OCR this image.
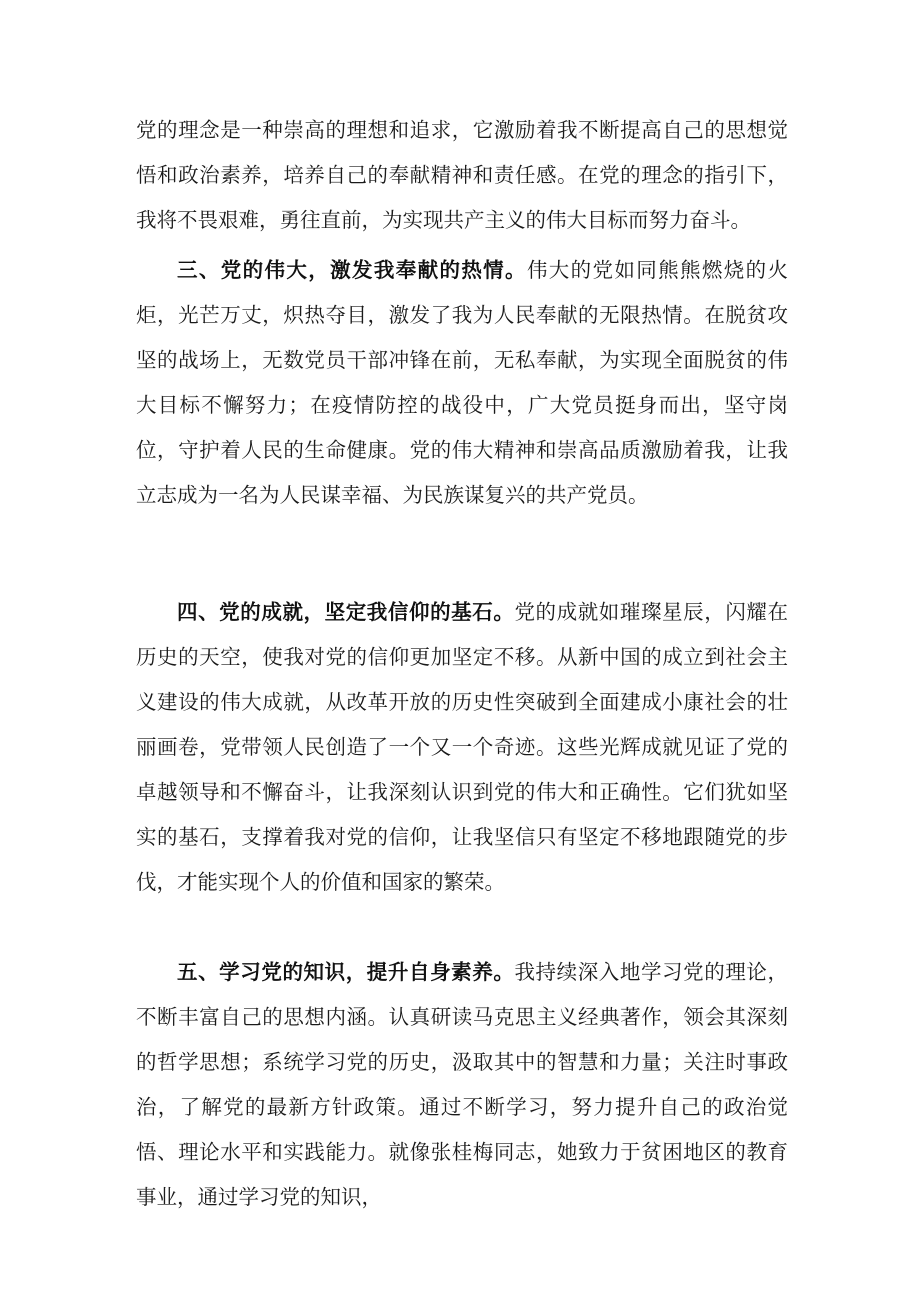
党的理念是一种崇高的理想和追求，它激励着我不断提高自己的思想觉悟和政治素养，培养自己的奉献精神和责任感。在党的理念的指引下，我将不畏艰难，勇往直前，为实现共产主义的伟大目标而努力奋斗。

三、党的伟大，激发我奉献的热情。伟大的党如同熊熊燃烧的火炬，光芒万丈，炽热夺目，激发了我为人民奉献的无限热情。在脱贫攻坚的战场上，无数党员干部冲锋在前，无私奉献，为实现全面脱贫的伟大目标不懈努力；在疫情防控的战役中，广大党员挺身而出，坚守岗位，守护着人民的生命健康。党的伟大精神和崇高品质激励着我，让我立志成为一名为人民谋幸福、为民族谋复兴的共产党员。

四、党的成就，坚定我信仰的基石。党的成就如璀璨星辰，闪耀在历史的天空，使我对党的信仰更加坚定不移。从新中国的成立到社会主义建设的伟大成就，从改革开放的历史性突破到全面建成小康社会的壮丽画卷，党带领人民创造了一个又一个奇迹。这些光辉成就见证了党的卓越领导和不懈奋斗，让我深刻认识到党的伟大和正确性。它们犹如坚实的基石，支撑着我对党的信仰，让我坚信只有坚定不移地跟随党的步伐，才能实现个人的价值和国家的繁荣。

五、学习党的知识，提升自身素养。我持续深入地学习党的理论，不断丰富自己的思想内涵。认真研读马克思主义经典著作，领会其深刻的哲学思想；系统学习党的历史，汲取其中的智慧和力量；关注时事政治，了解党的最新方针政策。通过不断学习，努力提升自己的政治觉悟、理论水平和实践能力。就像张桂梅同志，她致力于贫困地区的教育事业，通过学习党的知识，
